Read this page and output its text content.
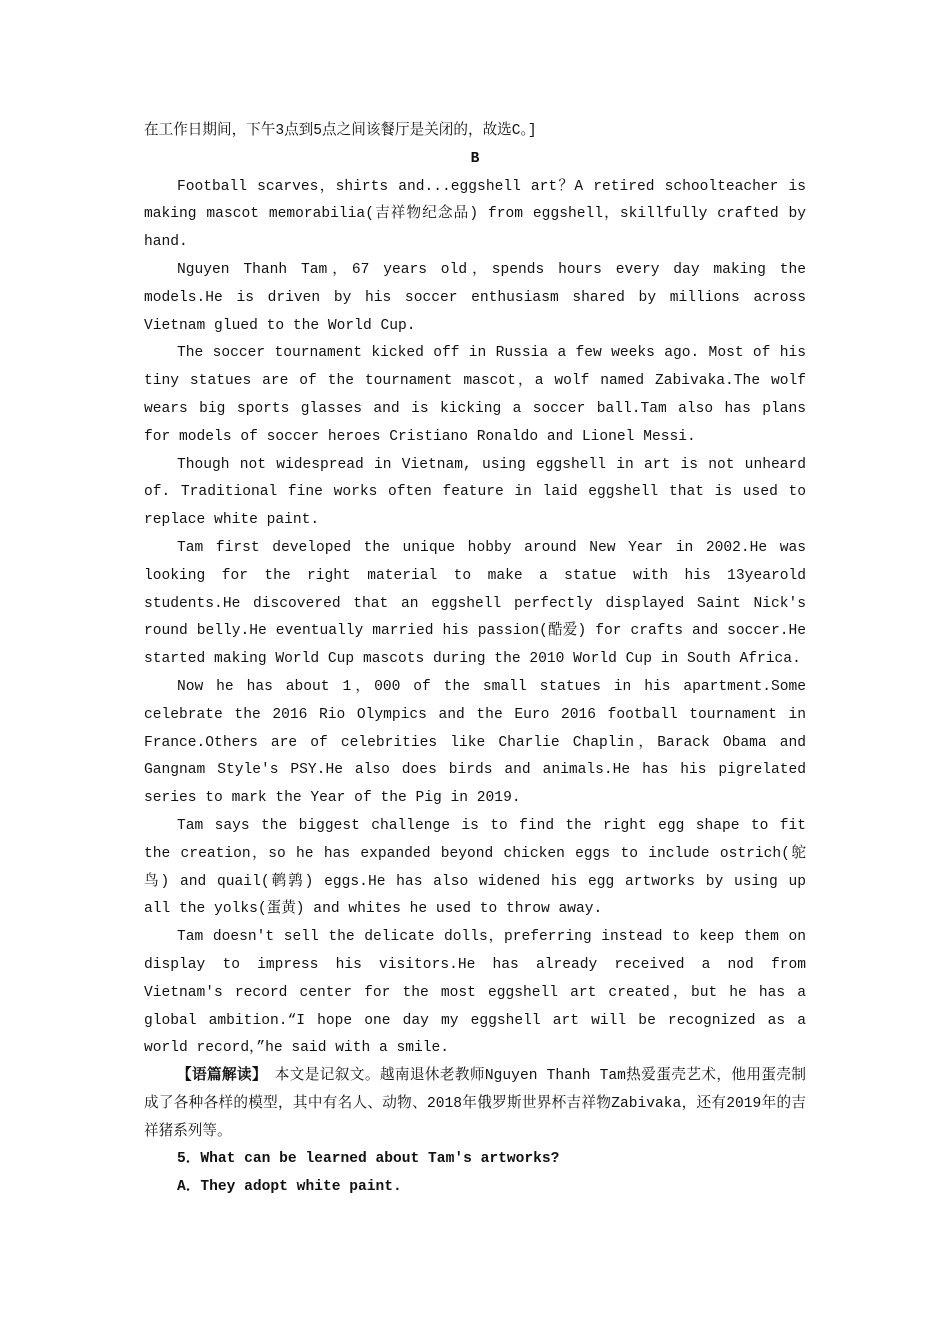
在工作日期间，下午3点到5点之间该餐厅是关闭的，故选C。]

B

Football scarves，shirts and...eggshell art？A retired schoolteacher is making mascot memorabilia(吉祥物纪念品) from eggshell，skillfully crafted by hand.

Nguyen Thanh Tam，67 years old，spends hours every day making the models.He is driven by his soccer enthusiasm shared by millions across Vietnam glued to the World Cup.

The soccer tournament kicked off in Russia a few weeks ago. Most of his tiny statues are of the tournament mascot，a wolf named Zabivaka.The wolf wears big sports glasses and is kicking a soccer ball.Tam also has plans for models of soccer heroes Cristiano Ronaldo and Lionel Messi.

Though not widespread in Vietnam, using eggshell in art is not unheard of. Traditional fine works often feature in laid eggshell that is used to replace white paint.

Tam first developed the unique hobby around New Year in 2002.He was looking for the right material to make a statue with his 13yearold students.He discovered that an eggshell perfectly displayed Saint Nick's round belly.He eventually married his passion(酷爱) for crafts and soccer.He started making World Cup mascots during the 2010 World Cup in South Africa.

Now he has about 1，000 of the small statues in his apartment.Some celebrate the 2016 Rio Olympics and the Euro 2016 football tournament in France.Others are of celebrities like Charlie Chaplin，Barack Obama and Gangnam Style's PSY.He also does birds and animals.He has his pigrelated series to mark the Year of the Pig in 2019.

Tam says the biggest challenge is to find the right egg shape to fit the creation，so he has expanded beyond chicken eggs to include ostrich(鸵鸟) and quail(鹌鹑) eggs.He has also widened his egg artworks by using up all the yolks(蛋黄) and whites he used to throw away.

Tam doesn't sell the delicate dolls，preferring instead to keep them on display to impress his visitors.He has already received a nod from Vietnam's record center for the most eggshell art created，but he has a global ambition.“I hope one day my eggshell art will be recognized as a world record，”he said with a smile.

【语篇解读】　本文是记叙文。越南退休老教师Nguyen Thanh Tam热爱蛋壳艺术，他用蛋壳制成了各种各样的模型，其中有名人、动物、2018年俄罗斯世界杯吉祥物Zabivaka，还有2019年的吉祥猪系列等。

5．What can be learned about Tam's artworks?

A．They adopt white paint.
